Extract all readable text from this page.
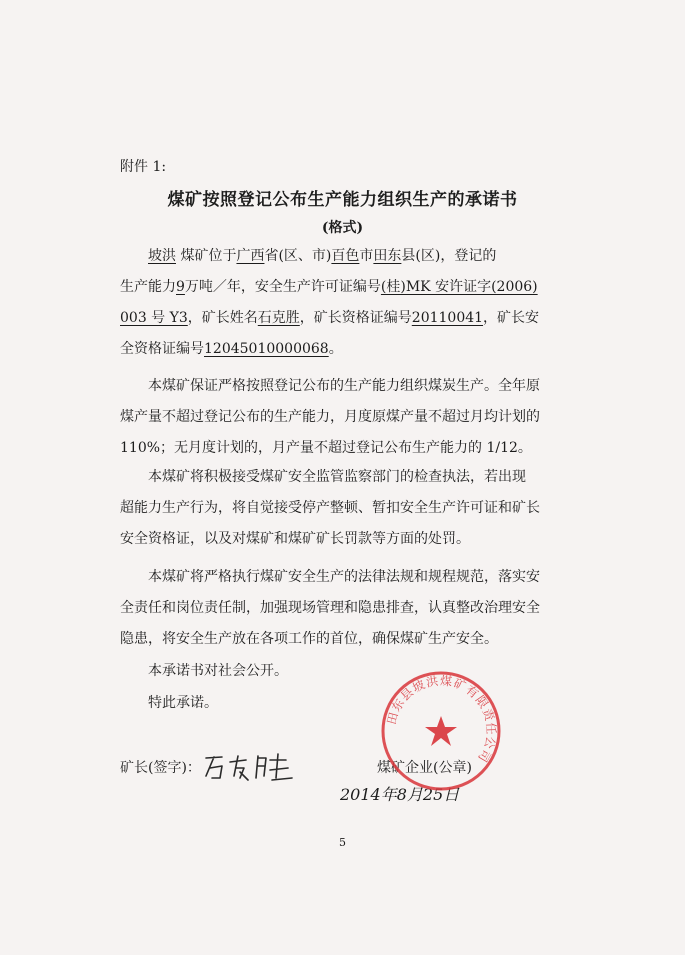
附件 1:
煤矿按照登记公布生产能力组织生产的承诺书
(格式)
坡洪 煤矿位于广西省(区、市)百色市田东县(区)，登记的
生产能力9万吨／年，安全生产许可证编号(桂)MK 安许证字(2006)
003 号 Y3，矿长姓名石克胜，矿长资格证编号20110041，矿长安
全资格证编号12045010000068。
本煤矿保证严格按照登记公布的生产能力组织煤炭生产。全年原
煤产量不超过登记公布的生产能力，月度原煤产量不超过月均计划的
110%；无月度计划的，月产量不超过登记公布生产能力的 1/12。
本煤矿将积极接受煤矿安全监管监察部门的检查执法，若出现
超能力生产行为，将自觉接受停产整顿、暂扣安全生产许可证和矿长
安全资格证，以及对煤矿和煤矿矿长罚款等方面的处罚。
本煤矿将严格执行煤矿安全生产的法律法规和规程规范，落实安
全责任和岗位责任制，加强现场管理和隐患排查，认真整改治理安全
隐患，将安全生产放在各项工作的首位，确保煤矿生产安全。
本承诺书对社会公开。
特此承诺。
矿长(签字)：	煤矿企业(公章)
2014年8月25日
田东县坡洪煤矿有限责任公司
5
